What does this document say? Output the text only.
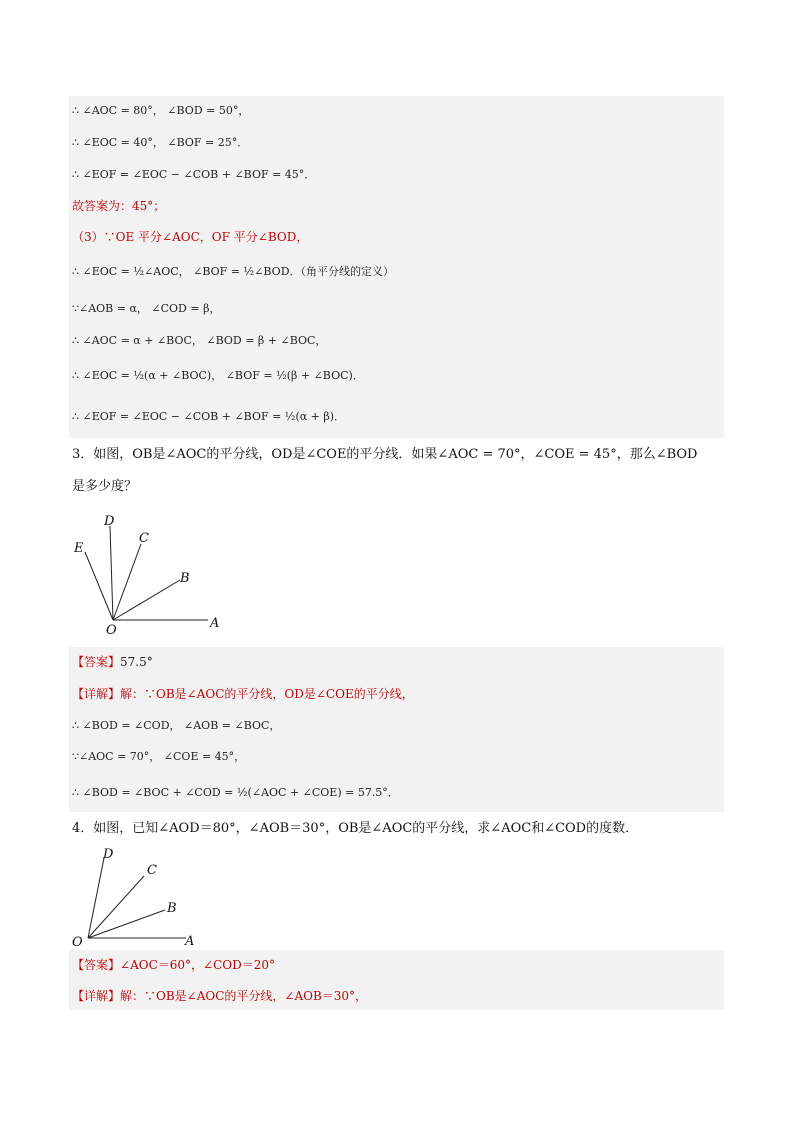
∴ ∠AOC = 80°， ∠BOD = 50°，
∴ ∠EOC = 40°， ∠BOF = 25°．
∴ ∠EOF = ∠EOC − ∠COB + ∠BOF = 45°．
故答案为：45°；
（3）∵OE 平分∠AOC，OF 平分∠BOD，
∴ ∠EOC = ½∠AOC， ∠BOF = ½∠BOD．（角平分线的定义）
∵∠AOB = α， ∠COD = β，
∴ ∠AOC = α + ∠BOC， ∠BOD = β + ∠BOC，
∴ ∠EOC = ½(α + ∠BOC)， ∠BOF = ½(β + ∠BOC)．
∴ ∠EOF = ∠EOC − ∠COB + ∠BOF = ½(α + β)．
3．如图，OB是∠AOC的平分线，OD是∠COE的平分线．如果∠AOC = 70°，∠COE = 45°，那么∠BOD
是多少度？
D
C
E
B
O	A
【答案】57.5°
【详解】解：∵OB是∠AOC的平分线，OD是∠COE的平分线，
∴ ∠BOD = ∠COD， ∠AOB = ∠BOC，
∵∠AOC = 70°， ∠COE = 45°，
∴ ∠BOD = ∠BOC + ∠COD = ½(∠AOC + ∠COE) = 57.5°．
4．如图，已知∠AOD＝80°，∠AOB＝30°，OB是∠AOC的平分线，求∠AOC和∠COD的度数．
D
C
B
O	A
【答案】∠AOC＝60°，∠COD＝20°
【详解】解：∵OB是∠AOC的平分线，∠AOB＝30°，
